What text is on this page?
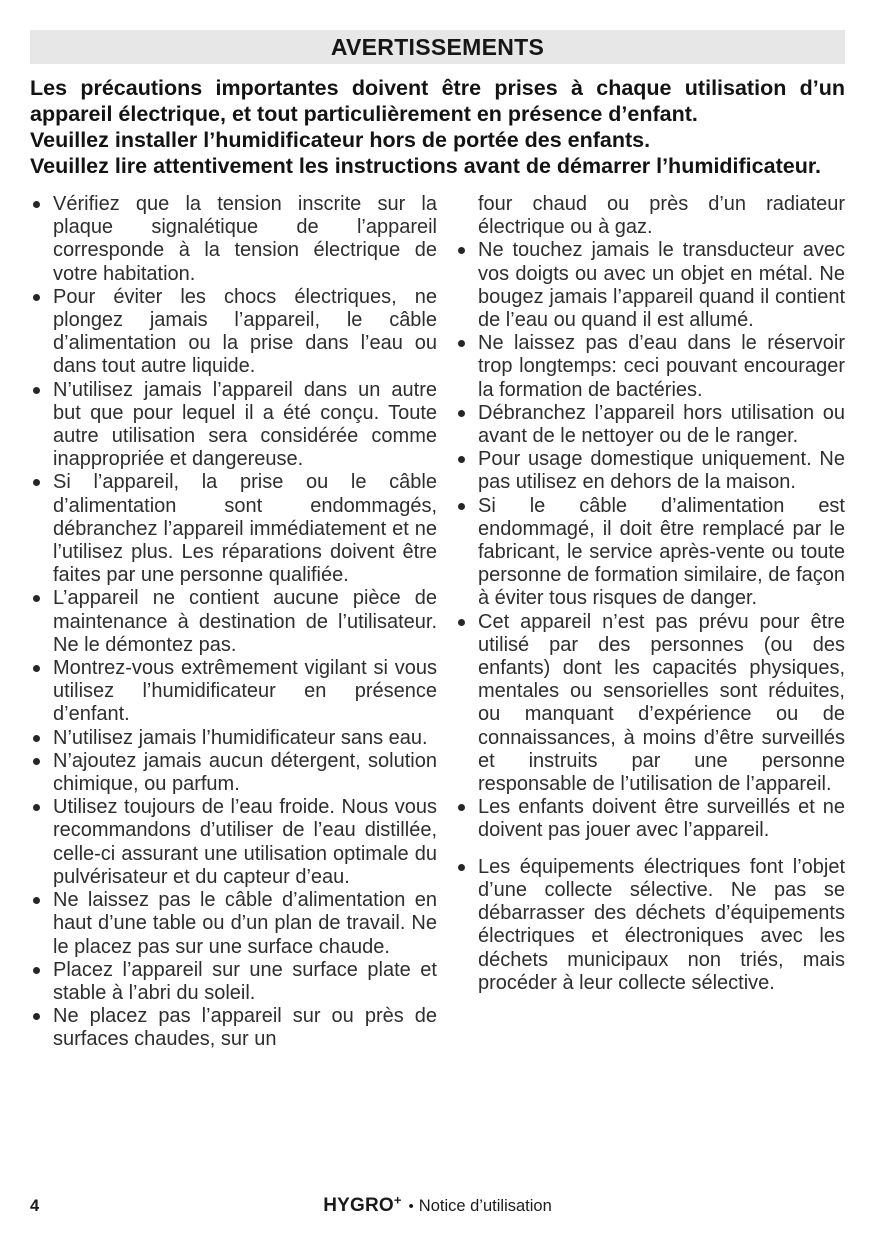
AVERTISSEMENTS

Les précautions importantes doivent être prises à chaque utilisation d’un appareil électrique, et tout particulièrement en présence d’enfant.

Veuillez installer l’humidificateur hors de portée des enfants.

Veuillez lire attentivement les instructions avant de démarrer l’humidificateur.

Vérifiez que la tension inscrite sur la plaque signalétique de l’appareil corresponde à la tension électrique de votre habitation.
Pour éviter les chocs électriques, ne plongez jamais l’appareil, le câble d’alimentation ou la prise dans l’eau ou dans tout autre liquide.
N’utilisez jamais l’appareil dans un autre but que pour lequel il a été conçu. Toute autre utilisation sera considérée comme inappropriée et dangereuse.
Si l’appareil, la prise ou le câble d’alimentation sont endommagés, débranchez l’appareil immédiatement et ne l’utilisez plus. Les réparations doivent être faites par une personne qualifiée.
L’appareil ne contient aucune pièce de maintenance à destination de l’utilisateur. Ne le démontez pas.
Montrez-vous extrêmement vigilant si vous utilisez l’humidificateur en présence d’enfant.
N’utilisez jamais l’humidificateur sans eau.
N’ajoutez jamais aucun détergent, solution chimique, ou parfum.
Utilisez toujours de l’eau froide. Nous vous recommandons d’utiliser de l’eau distillée, celle-ci assurant une utilisation optimale du pulvérisateur et du capteur d’eau.
Ne laissez pas le câble d’alimentation en haut d’une table ou d’un plan de travail. Ne le placez pas sur une surface chaude.
Placez l’appareil sur une surface plate et stable à l’abri du soleil.
Ne placez pas l’appareil sur ou près de surfaces chaudes, sur un
four chaud ou près d’un radiateur électrique ou à gaz.
Ne touchez jamais le transducteur avec vos doigts ou avec un objet en métal. Ne bougez jamais l’appareil quand il contient de l’eau ou quand il est allumé.
Ne laissez pas d’eau dans le réservoir trop longtemps: ceci pouvant encourager la formation de bactéries.
Débranchez l’appareil hors utilisation ou avant de le nettoyer ou de le ranger.
Pour usage domestique uniquement. Ne pas utilisez en dehors de la maison.
Si le câble d’alimentation est endommagé, il doit être remplacé par le fabricant, le service après-vente ou toute personne de formation similaire, de façon à éviter tous risques de danger.
Cet appareil n’est pas prévu pour être utilisé par des personnes (ou des enfants) dont les capacités physiques, mentales ou sensorielles sont réduites, ou manquant d’expérience ou de connaissances, à moins d’être surveillés et instruits par une personne responsable de l’utilisation de l’appareil.
Les enfants doivent être surveillés et ne doivent pas jouer avec l’appareil.
Les équipements électriques font l’objet d’une collecte sélective. Ne pas se débarrasser des déchets d’équipements électriques et électroniques avec les déchets municipaux non triés, mais procéder à leur collecte sélective.
4	HYGRO+ • Notice d’utilisation
